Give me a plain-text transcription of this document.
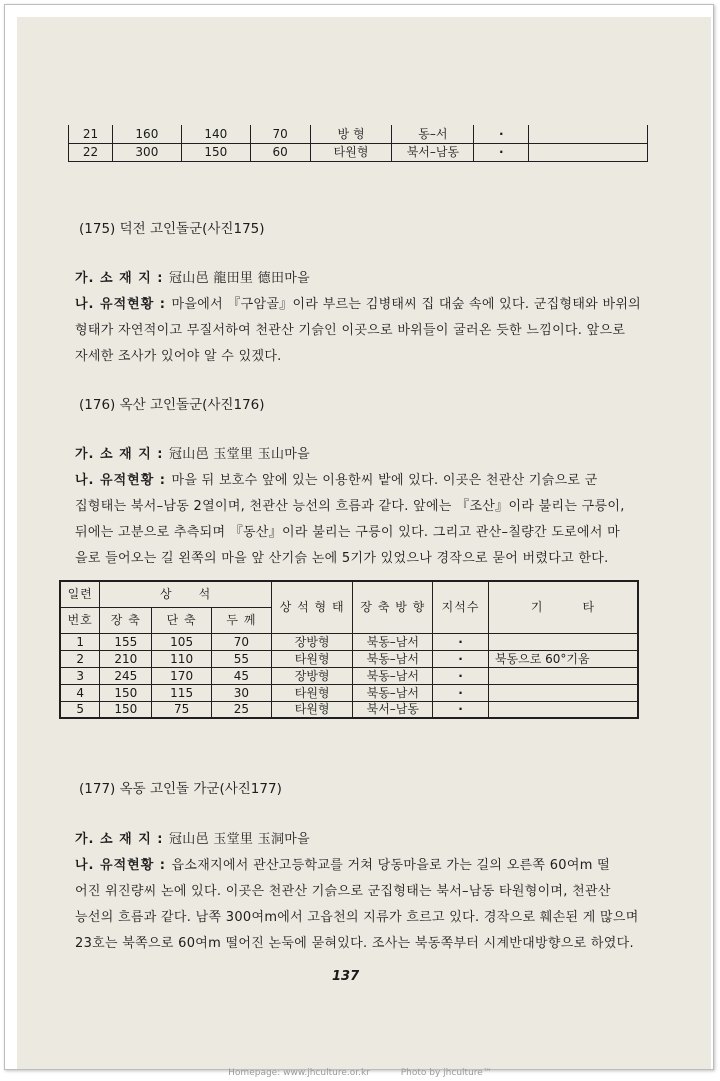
21	160	140	70	방 형	동–서	·	
22	300	150	60	타원형	북서–남동	·	
(175) 덕전 고인돌군(사진175)
가. 소 재 지 : 冠山邑 龍田里 德田마을
나. 유적현황 : 마을에서 『구암골』이라 부르는 김병태씨 집 대숲 속에 있다. 군집형태와 바위의
형태가 자연적이고 무질서하여 천관산 기슭인 이곳으로 바위들이 굴러온 듯한 느낌이다. 앞으로
자세한 조사가 있어야 알 수 있겠다.
(176) 옥산 고인돌군(사진176)
가. 소 재 지 : 冠山邑 玉堂里 玉山마을
나. 유적현황 : 마을 뒤 보호수 앞에 있는 이용한씨 밭에 있다. 이곳은 천관산 기슭으로 군
집형태는 북서–남동 2열이며, 천관산 능선의 흐름과 같다. 앞에는 『조산』이라 불리는 구릉이,
뒤에는 고분으로 추측되며 『동산』이라 불리는 구릉이 있다. 그리고 관산–칠량간 도로에서 마
을로 들어오는 길 왼쪽의 마을 앞 산기슭 논에 5기가 있었으나 경작으로 묻어 버렸다고 한다.
일련	상　　석			상 석 형 태	장 축 방 향	지석수	기　　　타
번호	장 축	단 축	두 께				
1	155	105	70	장방형	북동–남서	·	
2	210	110	55	타원형	북동–남서	·	북동으로 60°기움
3	245	170	45	장방형	북동–남서	·	
4	150	115	30	타원형	북동–남서	·	
5	150	75	25	타원형	북서–남동	·	
(177) 옥동 고인돌 가군(사진177)
가. 소 재 지 : 冠山邑 玉堂里 玉洞마을
나. 유적현황 : 읍소재지에서 관산고등학교를 거쳐 당동마을로 가는 길의 오른쪽 60여m 떨
어진 위진량씨 논에 있다. 이곳은 천관산 기슭으로 군집형태는 북서–남동 타원형이며, 천관산
능선의 흐름과 같다. 남쪽 300여m에서 고읍천의 지류가 흐르고 있다. 경작으로 훼손된 게 많으며
23호는 북쪽으로 60여m 떨어진 논둑에 묻혀있다. 조사는 북동쪽부터 시계반대방향으로 하였다.
137
Homepage: www.jhculture.or.kr	Photo by jhculture™
